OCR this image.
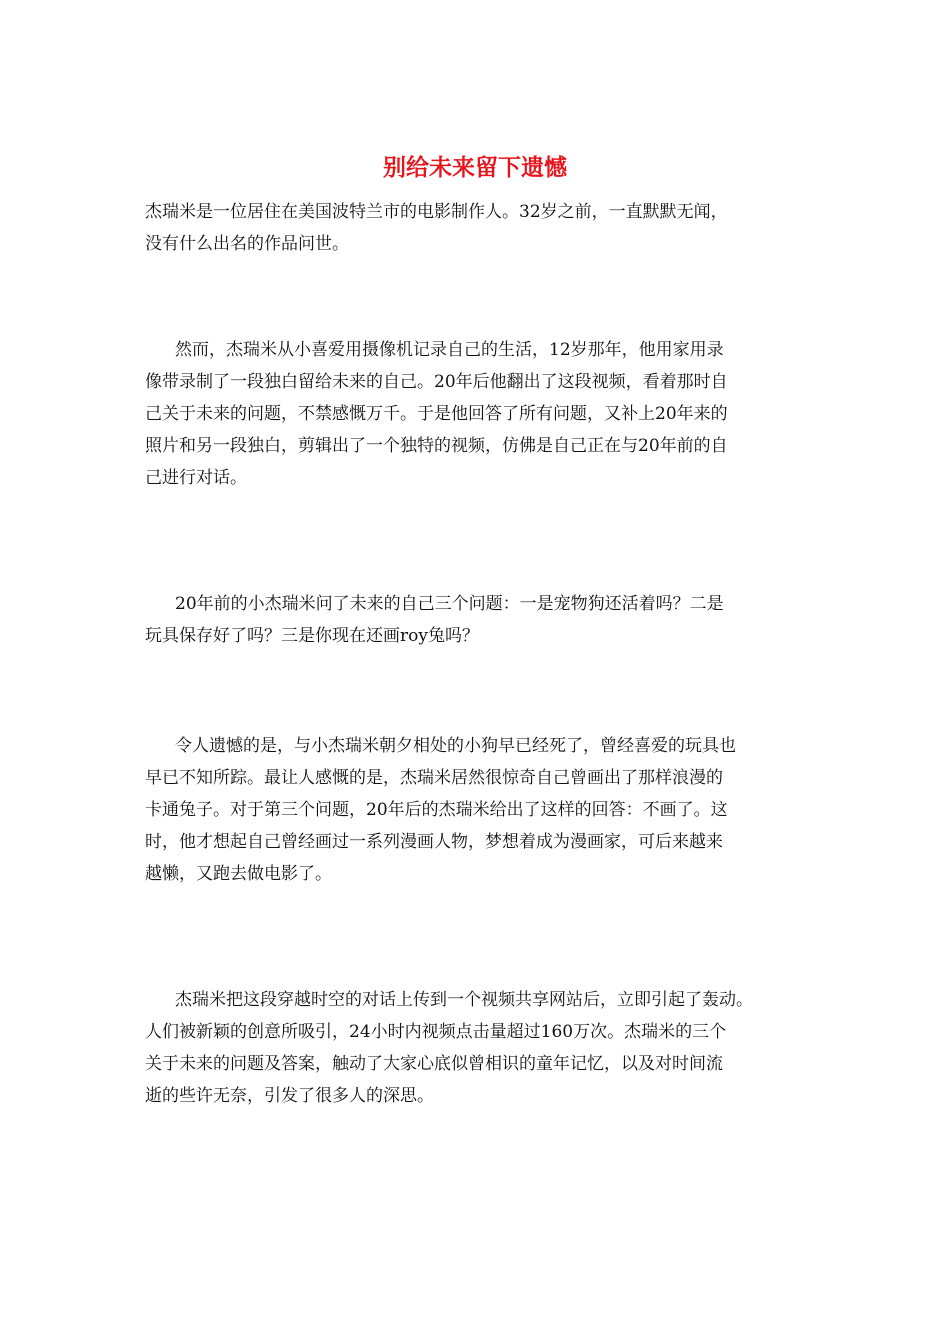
别给未来留下遗憾

杰瑞米是一位居住在美国波特兰市的电影制作人。32岁之前，一直默默无闻，
没有什么出名的作品问世。

然而，杰瑞米从小喜爱用摄像机记录自己的生活，12岁那年，他用家用录
像带录制了一段独白留给未来的自己。20年后他翻出了这段视频，看着那时自
己关于未来的问题，不禁感慨万千。于是他回答了所有问题，又补上20年来的
照片和另一段独白，剪辑出了一个独特的视频，仿佛是自己正在与20年前的自
己进行对话。

20年前的小杰瑞米问了未来的自己三个问题：一是宠物狗还活着吗？二是
玩具保存好了吗？三是你现在还画roy兔吗？

令人遗憾的是，与小杰瑞米朝夕相处的小狗早已经死了，曾经喜爱的玩具也
早已不知所踪。最让人感慨的是，杰瑞米居然很惊奇自己曾画出了那样浪漫的
卡通兔子。对于第三个问题，20年后的杰瑞米给出了这样的回答：不画了。这
时，他才想起自己曾经画过一系列漫画人物，梦想着成为漫画家，可后来越来
越懒，又跑去做电影了。

杰瑞米把这段穿越时空的对话上传到一个视频共享网站后，立即引起了轰动。
人们被新颖的创意所吸引，24小时内视频点击量超过160万次。杰瑞米的三个
关于未来的问题及答案，触动了大家心底似曾相识的童年记忆，以及对时间流
逝的些许无奈，引发了很多人的深思。
